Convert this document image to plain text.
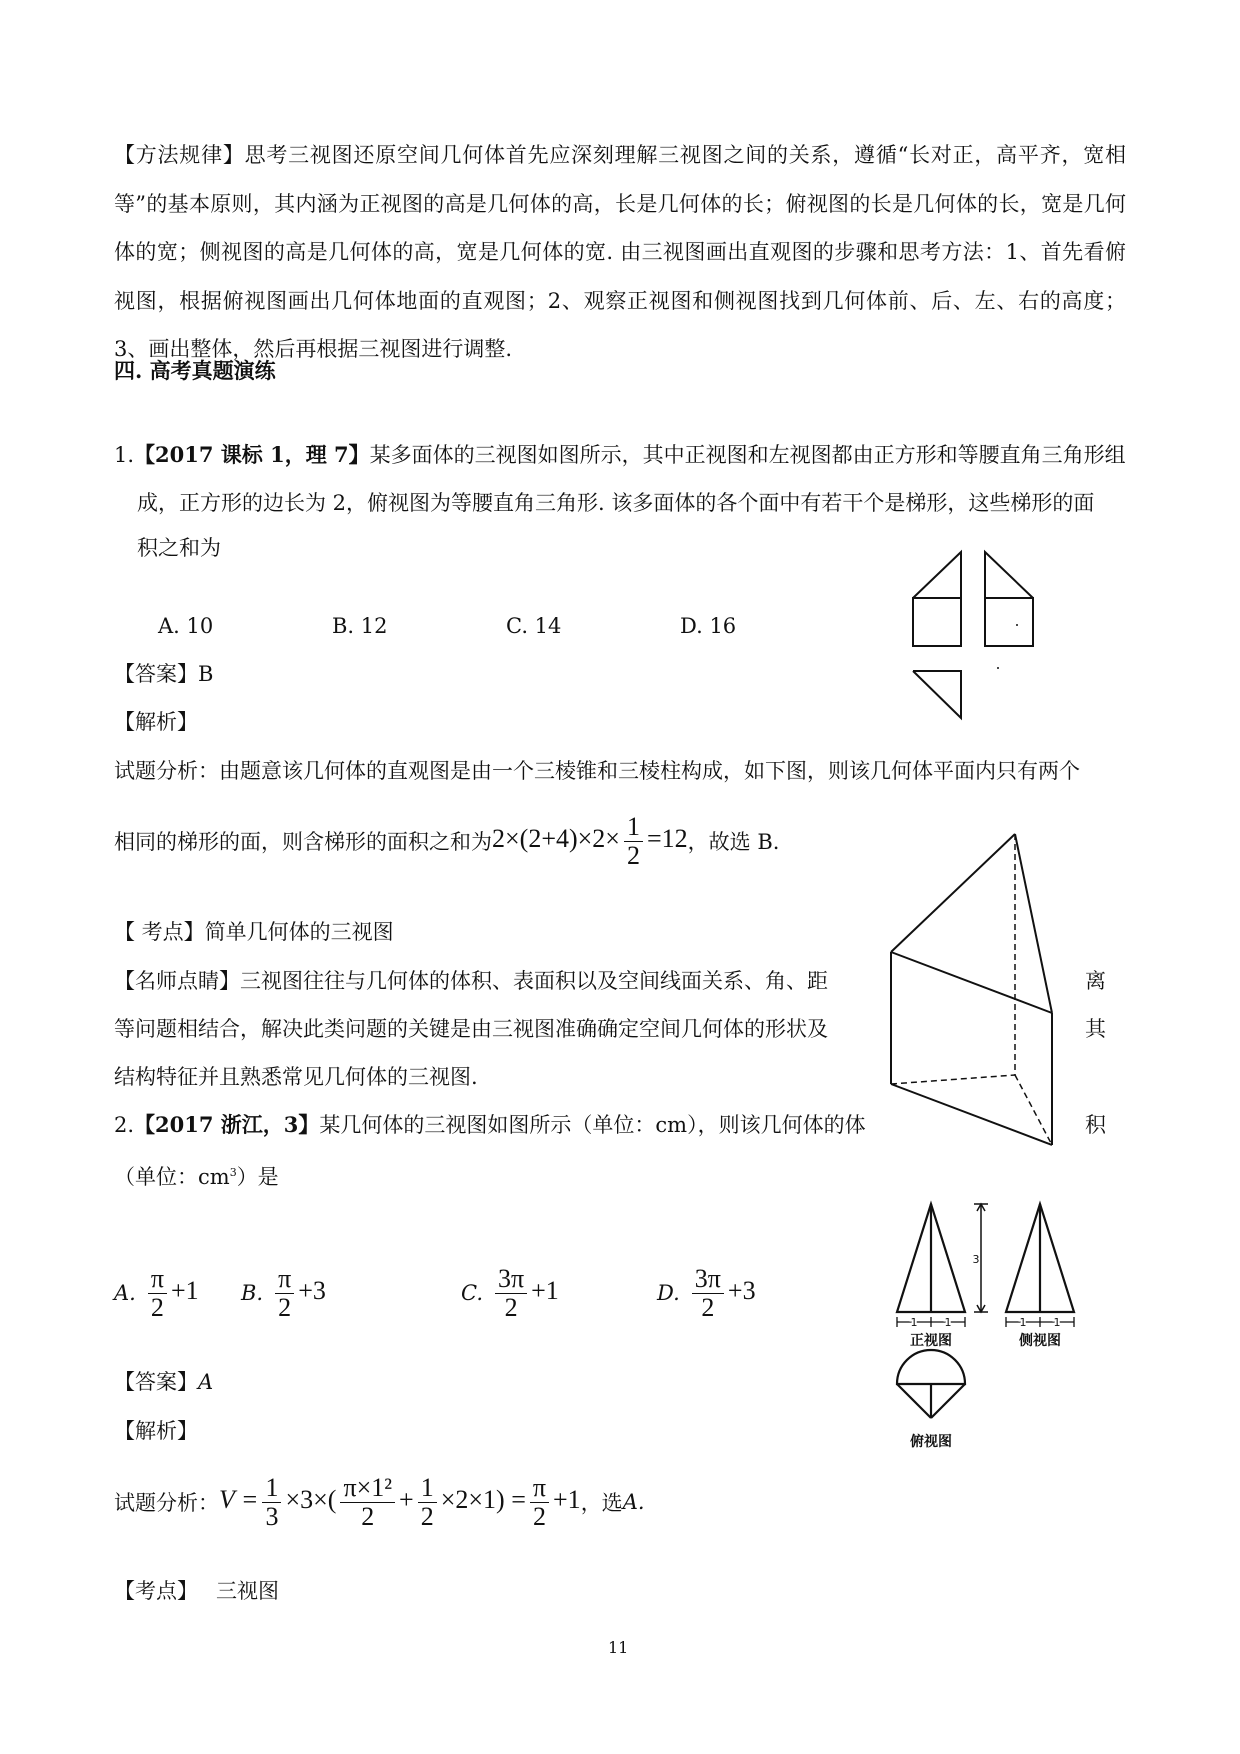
【方法规律】思考三视图还原空间几何体首先应深刻理解三视图之间的关系，遵循“长对正，高平齐，宽相等”的基本原则，其内涵为正视图的高是几何体的高，长是几何体的长；俯视图的长是几何体的长，宽是几何体的宽；侧视图的高是几何体的高，宽是几何体的宽. 由三视图画出直观图的步骤和思考方法：1、首先看俯视图，根据俯视图画出几何体地面的直观图；2、观察正视图和侧视图找到几何体前、后、左、右的高度；3、画出整体，然后再根据三视图进行调整.
四. 高考真题演练
1.【2017 课标 1，理 7】某多面体的三视图如图所示，其中正视图和左视图都由正方形和等腰直角三角形组
成，正方形的边长为 2，俯视图为等腰直角三角形. 该多面体的各个面中有若干个是梯形，这些梯形的面
积之和为
A. 10	B. 12	C. 14	D. 16
【答案】B
【解析】
试题分析：由题意该几何体的直观图是由一个三棱锥和三棱柱构成，如下图，则该几何体平面内只有两个
相同的梯形的面，则含梯形的面积之和为 $2\times(2+4)\times 2\times \frac{1}{2} =12$ ，故选 B.
【 考点】简单几何体的三视图
【名师点睛】三视图往往与几何体的体积、表面积以及空间线面关系、角、距
等问题相结合，解决此类问题的关键是由三视图准确确定空间几何体的形状及
结构特征并且熟悉常见几何体的三视图.
离
其
积
2.【2017 浙江，3】某几何体的三视图如图所示（单位：cm），则该几何体的体
（单位：$cm^3$）是
A. $\frac{\pi}{2} +1$ B. $\frac{\pi}{2} +3$	C. $\frac{3\pi}{2} +1$	D. $\frac{3\pi}{2} +3$
3
1 1	1 1
正视图	侧视图
俯视图
【答案】A
【解析】
试题分析： $V = \frac{1}{3} \times 3\times( \frac{\text{π×1²}}{2} + \frac{1}{2} \times 2\times 1) = \frac{\pi}{2} +1$ ，选 A.
【考点】 三视图
11
